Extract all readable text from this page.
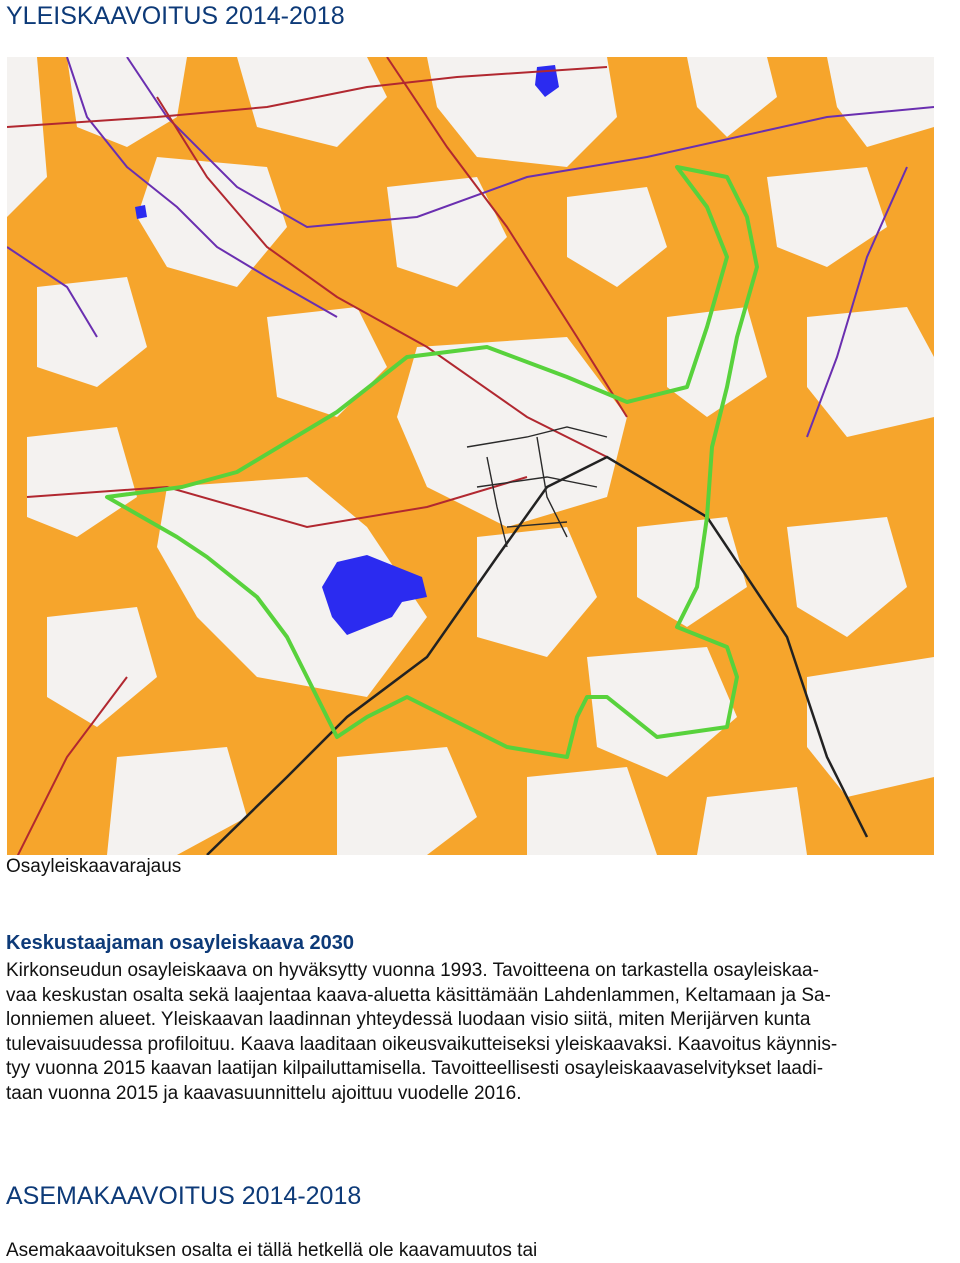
YLEISKAAVOITUS 2014-2018
Osayleiskaavarajaus
Keskustaajaman osayleiskaava 2030
Kirkonseudun osayleiskaava on hyväksytty vuonna 1993. Tavoitteena on tarkastella osayleiskaa-
vaa keskustan osalta sekä laajentaa kaava-aluetta käsittämään Lahdenlammen, Keltamaan ja Sa-
lonniemen alueet. Yleiskaavan laadinnan yhteydessä luodaan visio siitä, miten Merijärven kunta
tulevaisuudessa profiloituu. Kaava laaditaan oikeusvaikutteiseksi yleiskaavaksi. Kaavoitus käynnis-
tyy vuonna 2015 kaavan laatijan kilpailuttamisella. Tavoitteellisesti osayleiskaavaselvitykset laadi-
taan vuonna 2015 ja kaavasuunnittelu ajoittuu vuodelle 2016.
ASEMAKAAVOITUS 2014-2018
Asemakaavoituksen osalta ei tällä hetkellä ole kaavamuutos tai
